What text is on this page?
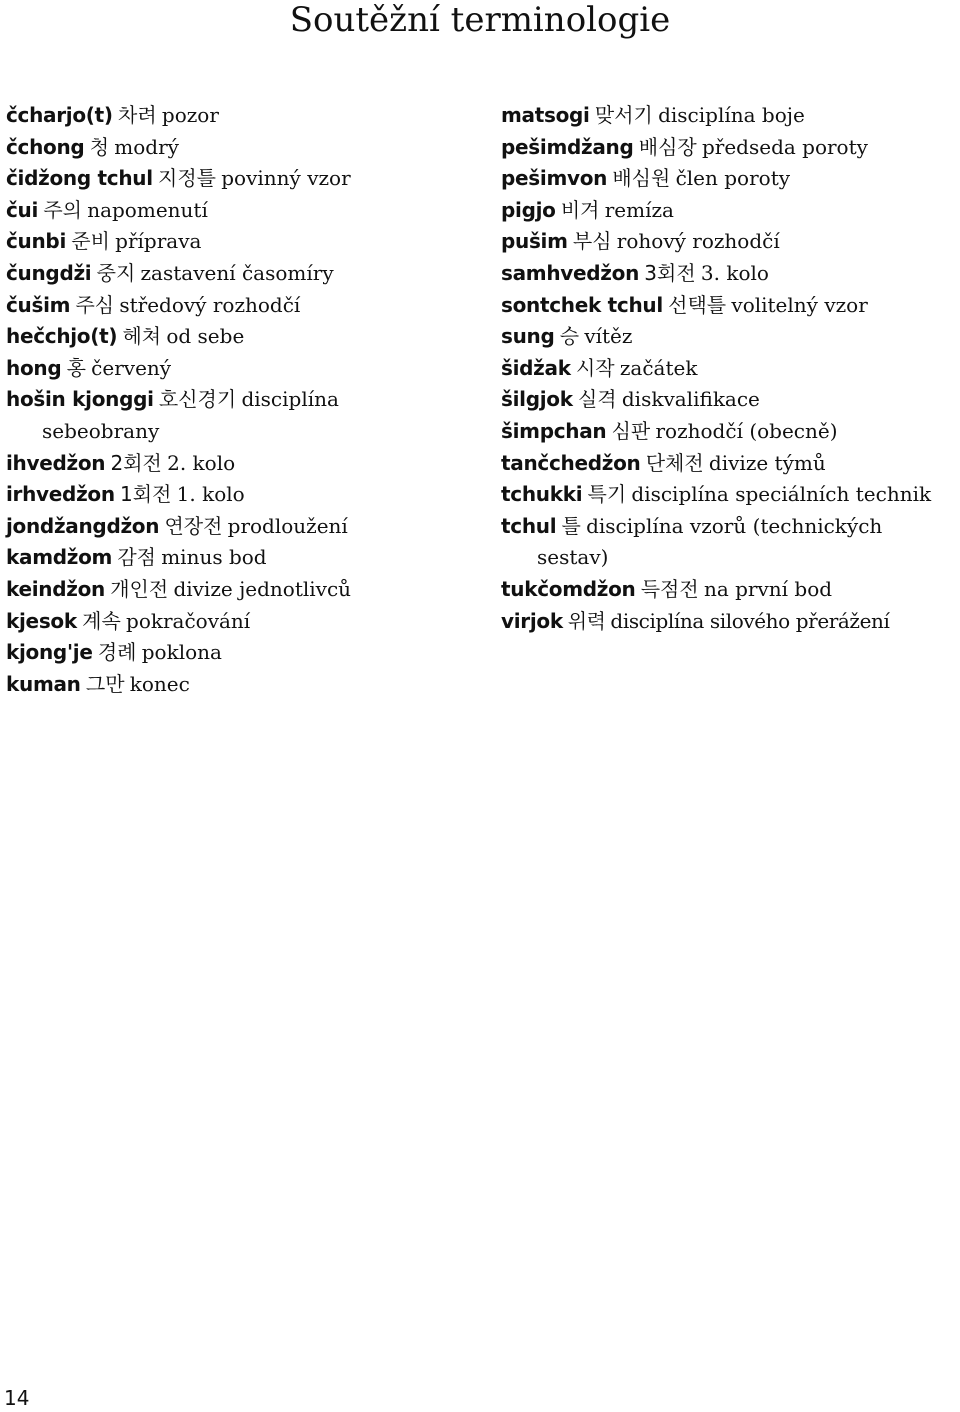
Soutěžní terminologie
čcharjo(t) 차려 pozor
čchong 청 modrý
čidžong tchul 지정틀 povinný vzor
čui 주의 napomenutí
čunbi 준비 příprava
čungdži 중지 zastavení časomíry
čušim 주심 středový rozhodčí
hečchjo(t) 헤쳐 od sebe
hong 홍 červený
hošin kjonggi 호신경기 disciplína sebeobrany
ihvedžon 2회전 2. kolo
irhvedžon 1회전 1. kolo
jondžangdžon 연장전 prodloužení
kamdžom 감점 minus bod
keindžon 개인전 divize jednotlivců
kjesok 계속 pokračování
kjong'je 경례 poklona
kuman 그만 konec
matsogi 맞서기 disciplína boje
pešimdžang 배심장 předseda poroty
pešimvon 배심원 člen poroty
pigjo 비겨 remíza
pušim 부심 rohový rozhodčí
samhvedžon 3회전 3. kolo
sontchek tchul 선택틀 volitelný vzor
sung 승 vítěz
šidžak 시작 začátek
šilgjok 실격 diskvalifikace
šimpchan 심판 rozhodčí (obecně)
tančchedžon 단체전 divize týmů
tchukki 특기 disciplína speciálních technik
tchul 틀 disciplína vzorů (technických sestav)
tukčomdžon 득점전 na první bod
virjok 위력 disciplína silového přerážení
14
